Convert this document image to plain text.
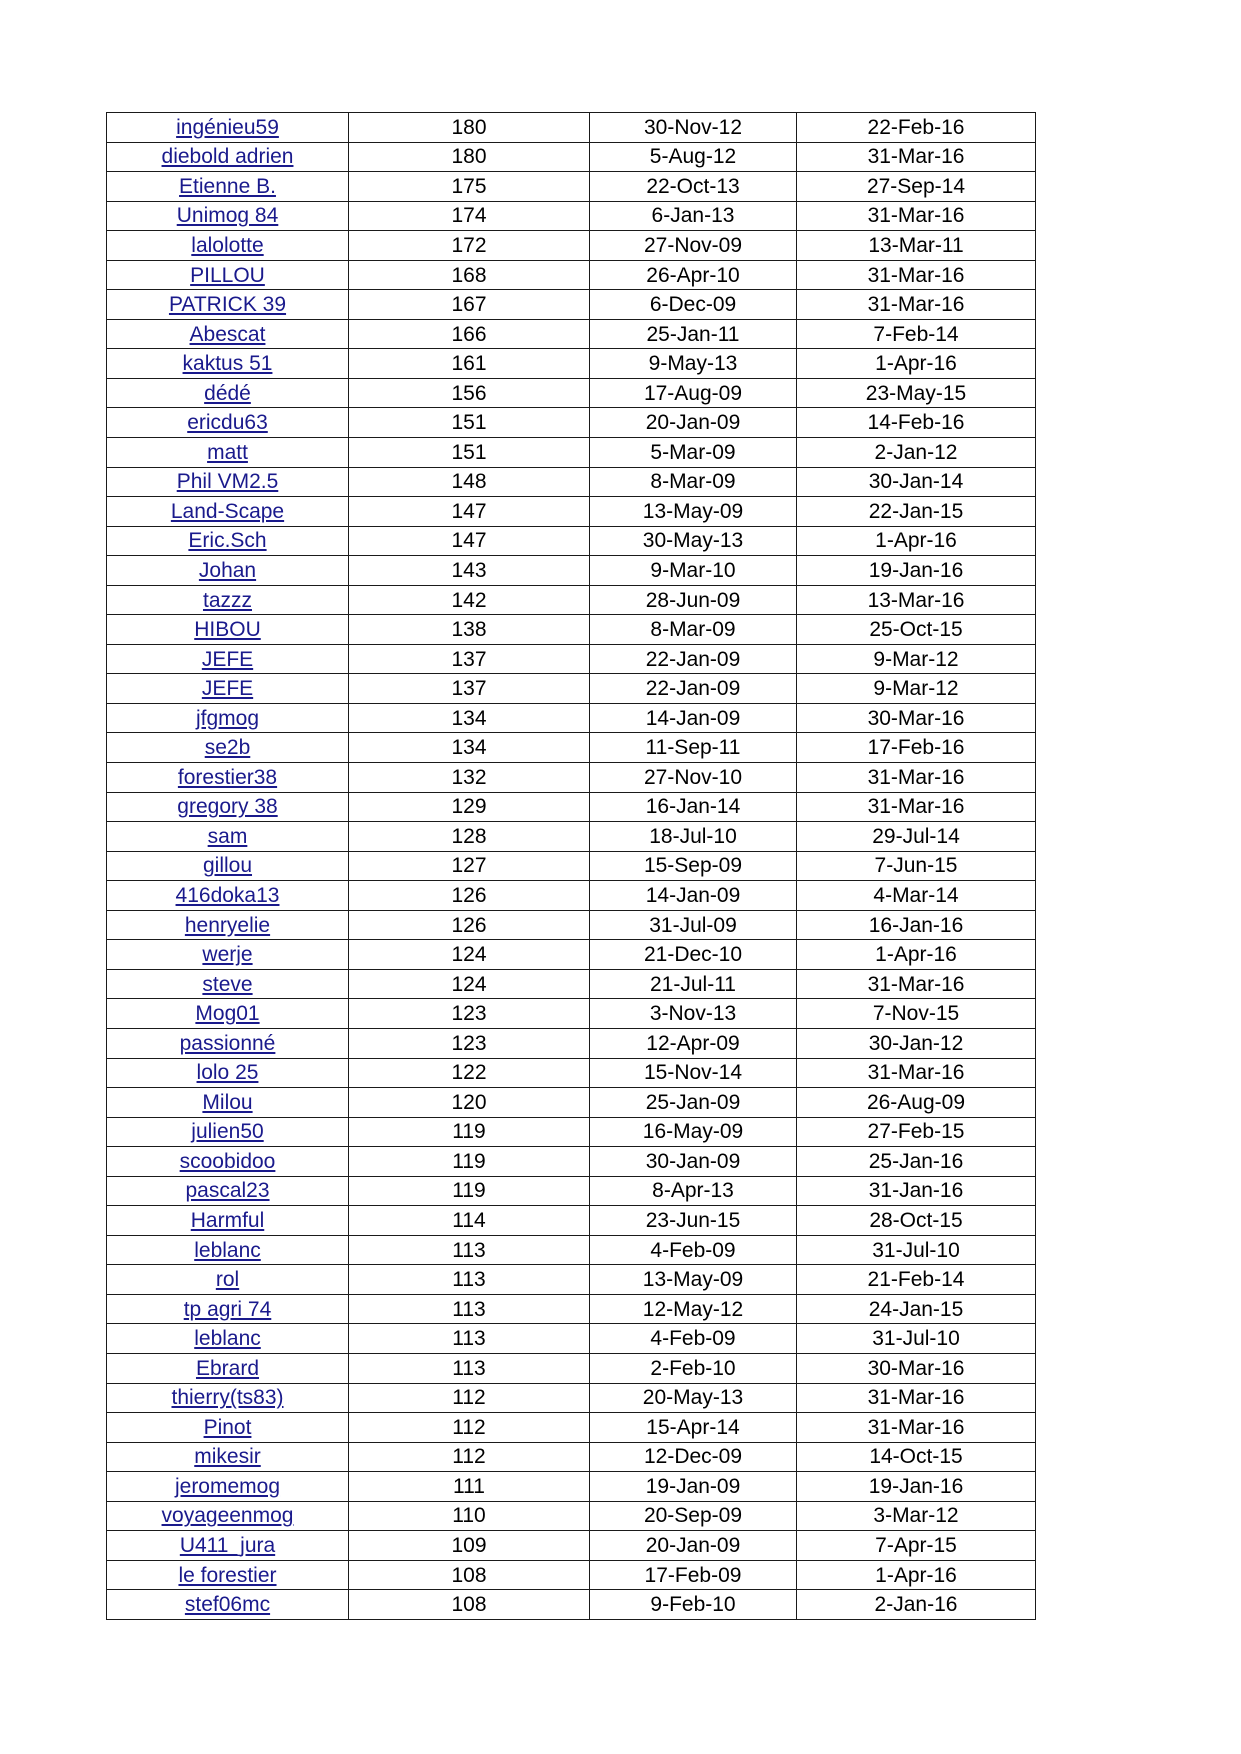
ingénieu59	180	30-Nov-12	22-Feb-16
diebold adrien	180	5-Aug-12	31-Mar-16
Etienne B.	175	22-Oct-13	27-Sep-14
Unimog 84	174	6-Jan-13	31-Mar-16
lalolotte	172	27-Nov-09	13-Mar-11
PILLOU	168	26-Apr-10	31-Mar-16
PATRICK 39	167	6-Dec-09	31-Mar-16
Abescat	166	25-Jan-11	7-Feb-14
kaktus 51	161	9-May-13	1-Apr-16
dédé	156	17-Aug-09	23-May-15
ericdu63	151	20-Jan-09	14-Feb-16
matt	151	5-Mar-09	2-Jan-12
Phil VM2.5	148	8-Mar-09	30-Jan-14
Land-Scape	147	13-May-09	22-Jan-15
Eric.Sch	147	30-May-13	1-Apr-16
Johan	143	9-Mar-10	19-Jan-16
tazzz	142	28-Jun-09	13-Mar-16
HIBOU	138	8-Mar-09	25-Oct-15
JEFE	137	22-Jan-09	9-Mar-12
JEFE	137	22-Jan-09	9-Mar-12
jfgmog	134	14-Jan-09	30-Mar-16
se2b	134	11-Sep-11	17-Feb-16
forestier38	132	27-Nov-10	31-Mar-16
gregory 38	129	16-Jan-14	31-Mar-16
sam	128	18-Jul-10	29-Jul-14
gillou	127	15-Sep-09	7-Jun-15
416doka13	126	14-Jan-09	4-Mar-14
henryelie	126	31-Jul-09	16-Jan-16
werje	124	21-Dec-10	1-Apr-16
steve	124	21-Jul-11	31-Mar-16
Mog01	123	3-Nov-13	7-Nov-15
passionné	123	12-Apr-09	30-Jan-12
lolo 25	122	15-Nov-14	31-Mar-16
Milou	120	25-Jan-09	26-Aug-09
julien50	119	16-May-09	27-Feb-15
scoobidoo	119	30-Jan-09	25-Jan-16
pascal23	119	8-Apr-13	31-Jan-16
Harmful	114	23-Jun-15	28-Oct-15
leblanc	113	4-Feb-09	31-Jul-10
rol	113	13-May-09	21-Feb-14
tp agri 74	113	12-May-12	24-Jan-15
leblanc	113	4-Feb-09	31-Jul-10
Ebrard	113	2-Feb-10	30-Mar-16
thierry(ts83)	112	20-May-13	31-Mar-16
Pinot	112	15-Apr-14	31-Mar-16
mikesir	112	12-Dec-09	14-Oct-15
jeromemog	111	19-Jan-09	19-Jan-16
voyageenmog	110	20-Sep-09	3-Mar-12
U411_jura	109	20-Jan-09	7-Apr-15
le forestier	108	17-Feb-09	1-Apr-16
stef06mc	108	9-Feb-10	2-Jan-16
